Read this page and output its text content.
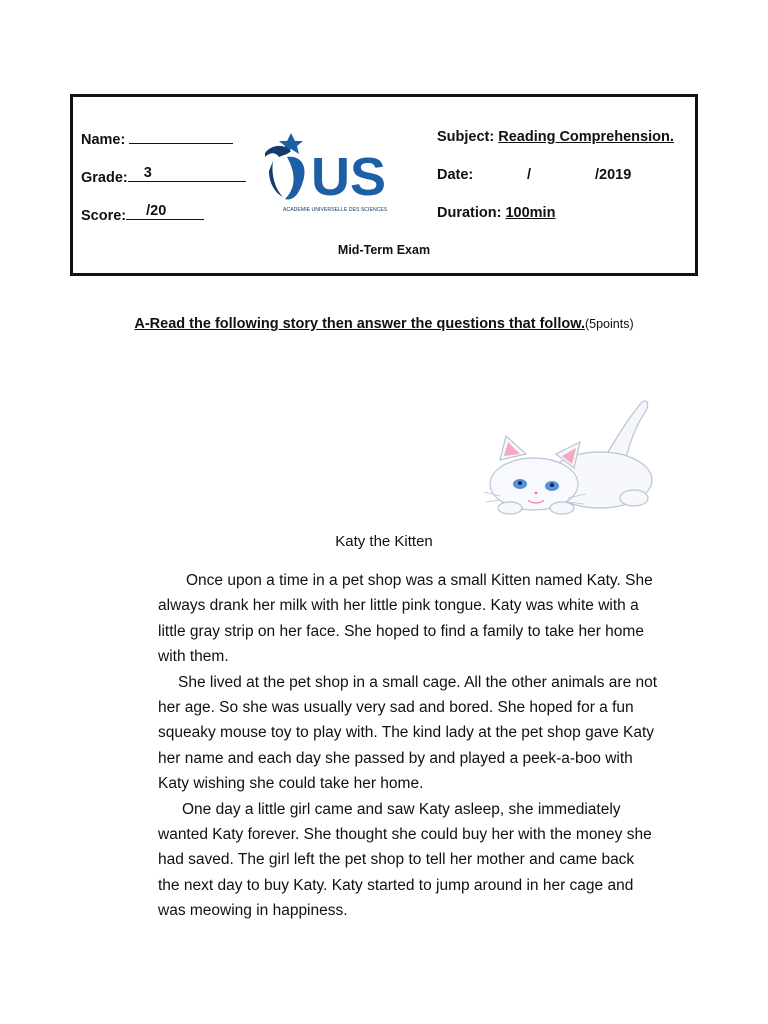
Name:
Grade: 3
Score: /20
US
ACADEMIE UNIVERSELLE DES SCIENCES
Subject: Reading Comprehension.
Date:	/	/2019
Duration: 100min
Mid-Term Exam
A-Read the following story then answer the questions that follow.(5points)
Katy the Kitten

Once upon a time in a pet shop was a small Kitten named Katy. She always drank her milk with her little pink tongue. Katy was white with a little gray strip on her face. She hoped to find a family to take her home with them.

She lived at the pet shop in a small cage. All the other animals are not her age. So she was usually very sad and bored. She hoped for a fun squeaky mouse toy to play with. The kind lady at the pet shop gave Katy her name and each day she passed by and played a peek-a-boo with Katy wishing she could take her home.

One day a little girl came and saw Katy asleep, she immediately wanted Katy forever. She thought she could buy her with the money she had saved. The girl left the pet shop to tell her mother and came back the next day to buy Katy. Katy started to jump around in her cage and was meowing in happiness.
